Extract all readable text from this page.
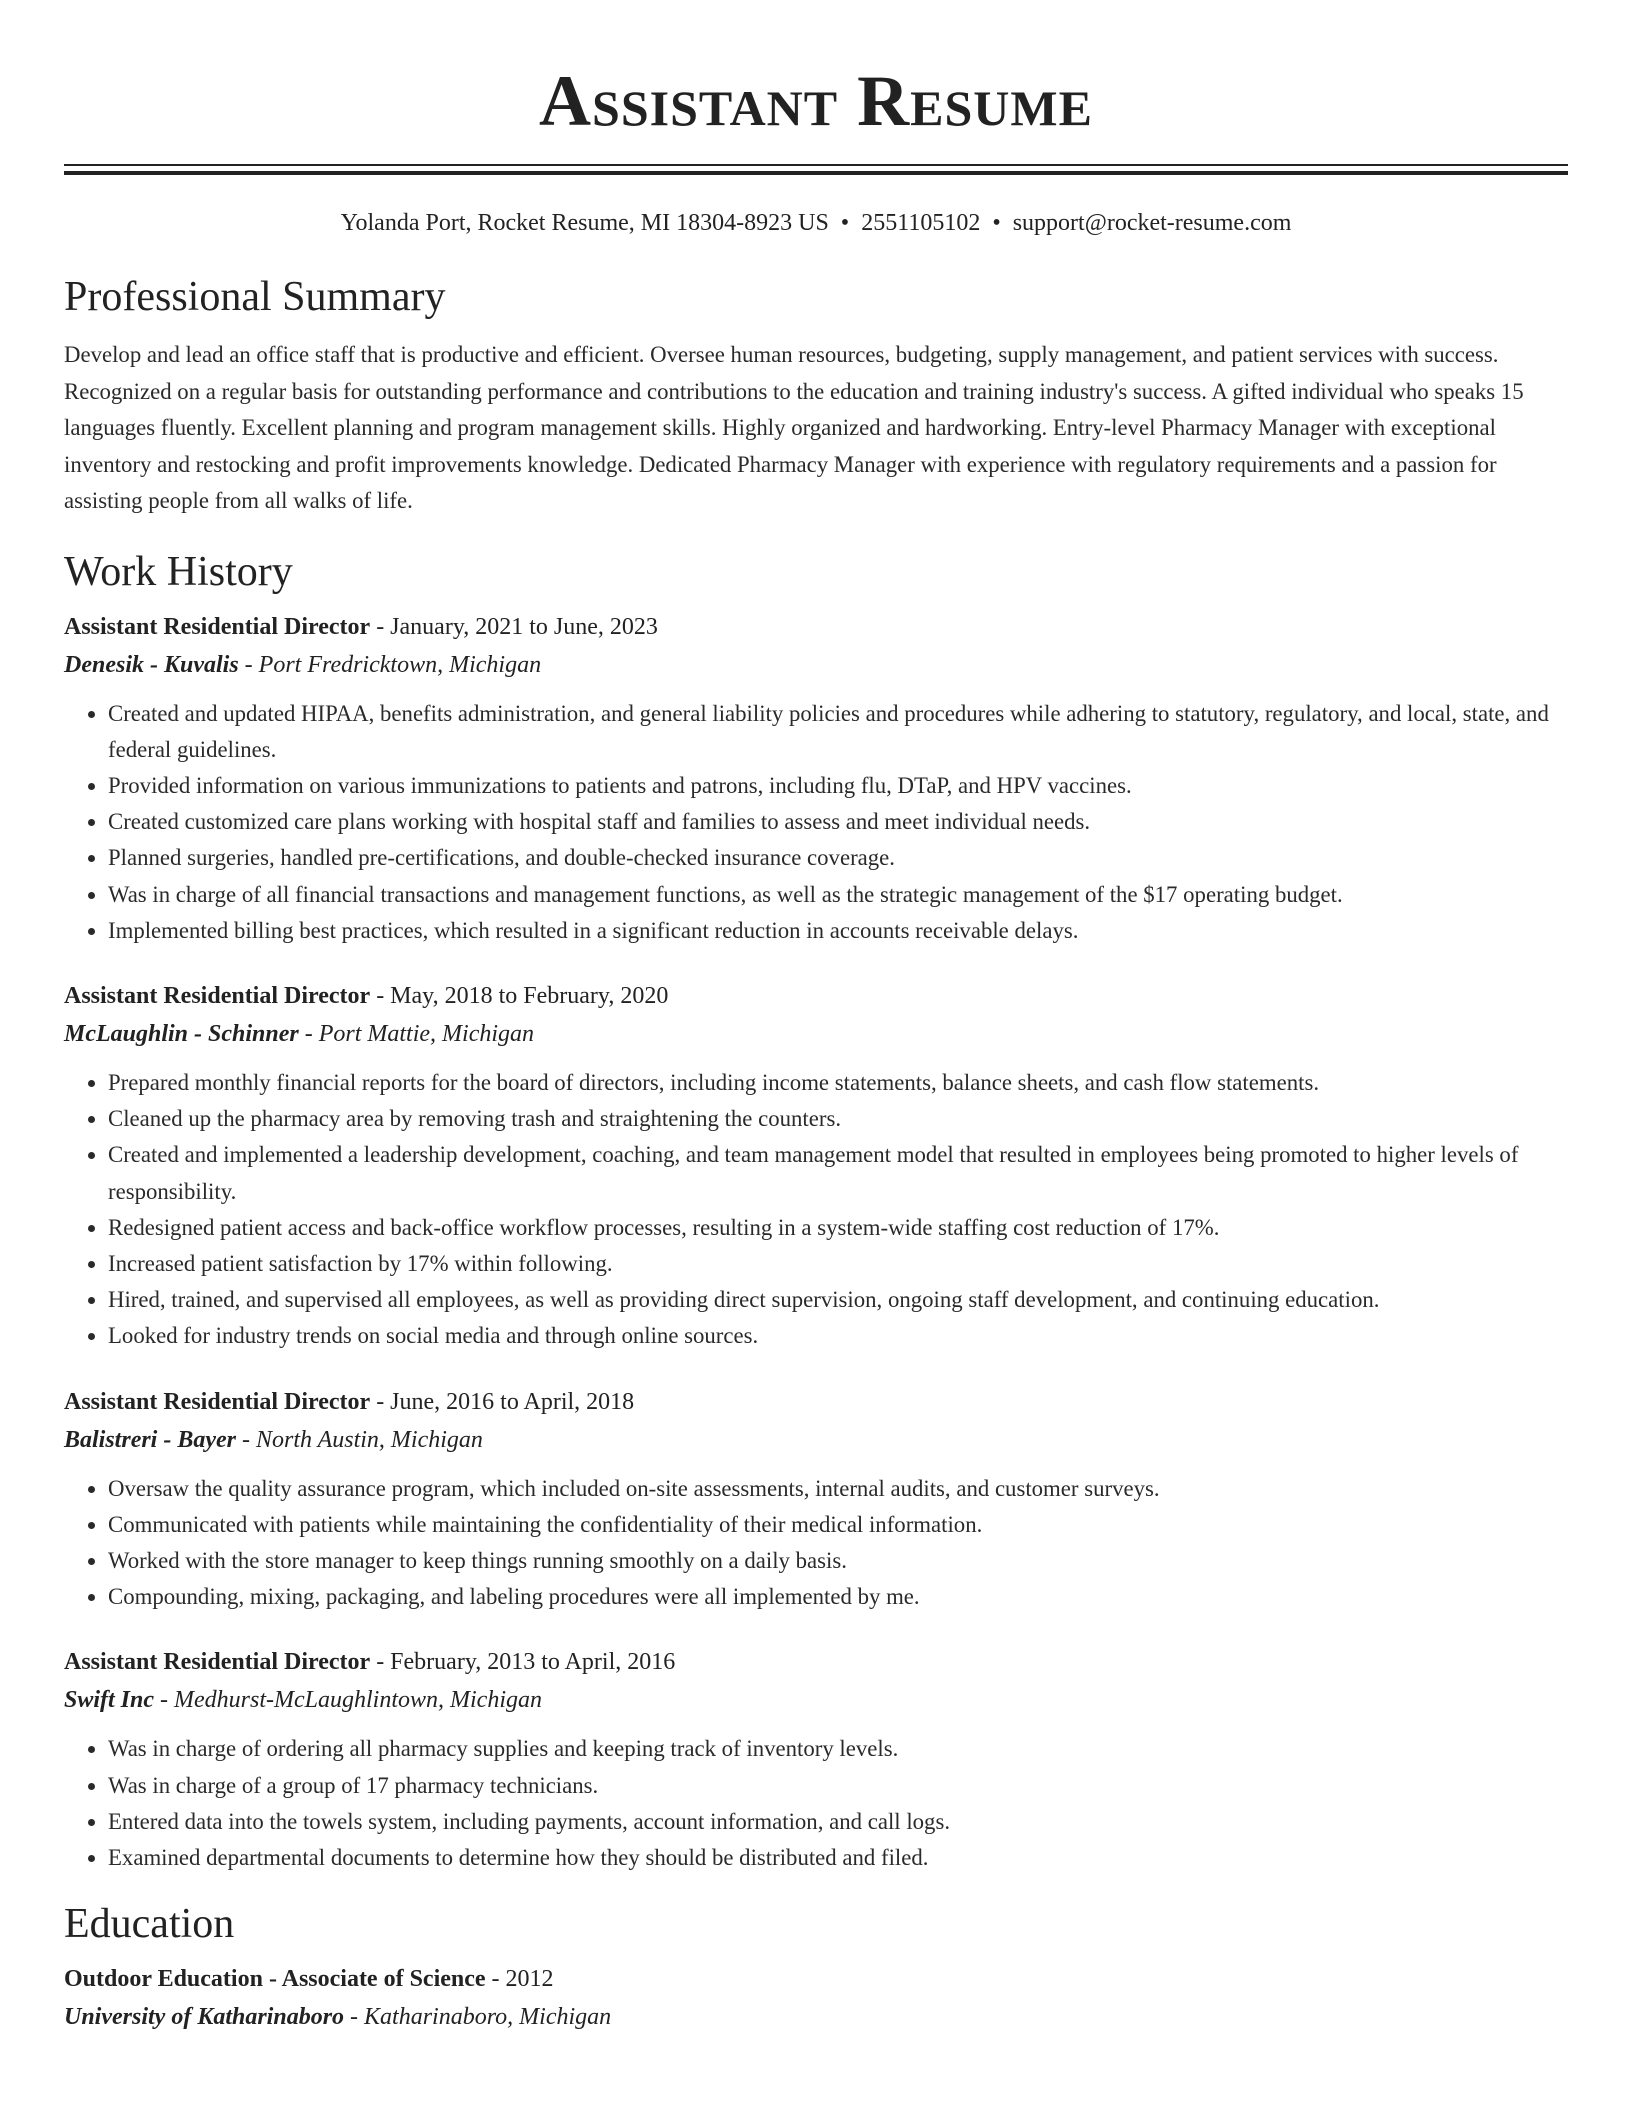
Assistant Resume
Yolanda Port, Rocket Resume, MI 18304-8923 US • 2551105102 • support@rocket-resume.com
Professional Summary

Develop and lead an office staff that is productive and efficient. Oversee human resources, budgeting, supply management, and patient services with success. Recognized on a regular basis for outstanding performance and contributions to the education and training industry's success. A gifted individual who speaks 15 languages fluently. Excellent planning and program management skills. Highly organized and hardworking. Entry-level Pharmacy Manager with exceptional inventory and restocking and profit improvements knowledge. Dedicated Pharmacy Manager with experience with regulatory requirements and a passion for assisting people from all walks of life.

Work History
Assistant Residential Director - January, 2021 to June, 2023
Denesik - Kuvalis - Port Fredricktown, Michigan
• Created and updated HIPAA, benefits administration, and general liability policies and procedures while adhering to statutory, regulatory, and local, state, and federal guidelines.
• Provided information on various immunizations to patients and patrons, including flu, DTaP, and HPV vaccines.
• Created customized care plans working with hospital staff and families to assess and meet individual needs.
• Planned surgeries, handled pre-certifications, and double-checked insurance coverage.
• Was in charge of all financial transactions and management functions, as well as the strategic management of the $17 operating budget.
• Implemented billing best practices, which resulted in a significant reduction in accounts receivable delays.
Assistant Residential Director - May, 2018 to February, 2020
McLaughlin - Schinner - Port Mattie, Michigan
• Prepared monthly financial reports for the board of directors, including income statements, balance sheets, and cash flow statements.
• Cleaned up the pharmacy area by removing trash and straightening the counters.
• Created and implemented a leadership development, coaching, and team management model that resulted in employees being promoted to higher levels of responsibility.
• Redesigned patient access and back-office workflow processes, resulting in a system-wide staffing cost reduction of 17%.
• Increased patient satisfaction by 17% within following.
• Hired, trained, and supervised all employees, as well as providing direct supervision, ongoing staff development, and continuing education.
• Looked for industry trends on social media and through online sources.
Assistant Residential Director - June, 2016 to April, 2018
Balistreri - Bayer - North Austin, Michigan
• Oversaw the quality assurance program, which included on-site assessments, internal audits, and customer surveys.
• Communicated with patients while maintaining the confidentiality of their medical information.
• Worked with the store manager to keep things running smoothly on a daily basis.
• Compounding, mixing, packaging, and labeling procedures were all implemented by me.
Assistant Residential Director - February, 2013 to April, 2016
Swift Inc - Medhurst-McLaughlintown, Michigan
• Was in charge of ordering all pharmacy supplies and keeping track of inventory levels.
• Was in charge of a group of 17 pharmacy technicians.
• Entered data into the towels system, including payments, account information, and call logs.
• Examined departmental documents to determine how they should be distributed and filed.
Education
Outdoor Education - Associate of Science - 2012
University of Katharinaboro - Katharinaboro, Michigan
